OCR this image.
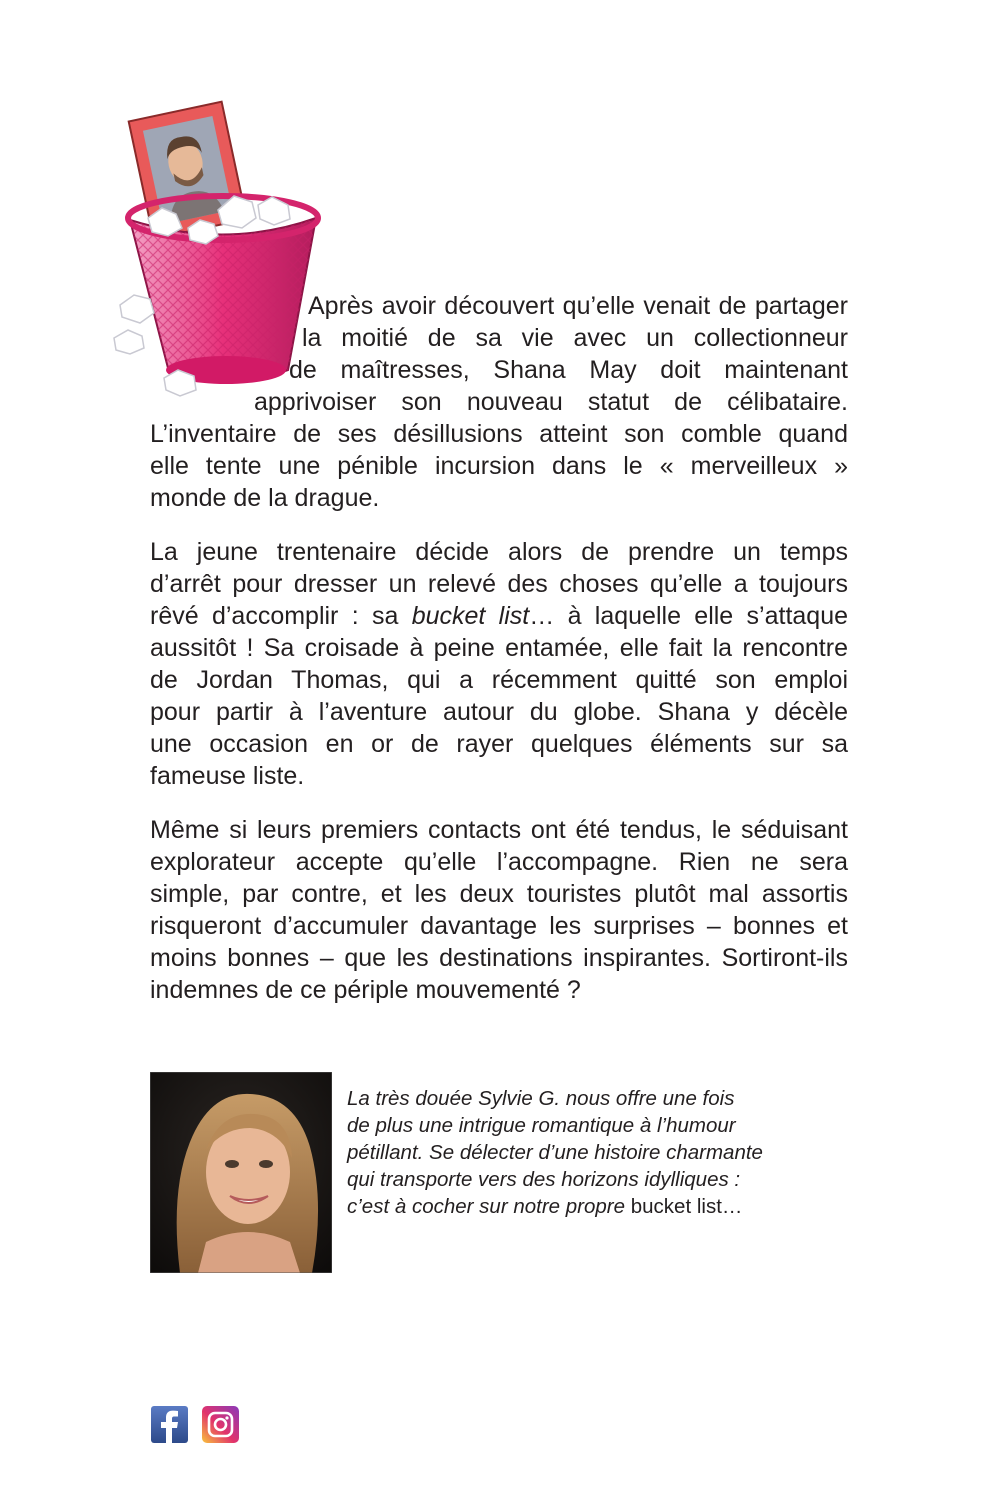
Après avoir découvert qu’elle venait de partager

la moitié de sa vie avec un collectionneur

de maîtresses, Shana May doit maintenant

apprivoiser son nouveau statut de célibataire.

L’inventaire de ses désillusions atteint son comble quand

elle tente une pénible incursion dans le « merveilleux »

monde de la drague.

La jeune trentenaire décide alors de prendre un temps

d’arrêt pour dresser un relevé des choses qu’elle a toujours

rêvé d’accomplir : sa bucket list… à laquelle elle s’attaque

aussitôt ! Sa croisade à peine entamée, elle fait la rencontre

de Jordan Thomas, qui a récemment quitté son emploi

pour partir à l’aventure autour du globe. Shana y décèle

une occasion en or de rayer quelques éléments sur sa

fameuse liste.

Même si leurs premiers contacts ont été tendus, le séduisant

explorateur accepte qu’elle l’accompagne. Rien ne sera

simple, par contre, et les deux touristes plutôt mal assortis

risqueront d’accumuler davantage les surprises – bonnes et

moins bonnes – que les destinations inspirantes. Sortiront-ils

indemnes de ce périple mouvementé ?

La très douée Sylvie G. nous offre une fois
de plus une intrigue romantique à l’humour
pétillant. Se délecter d’une histoire charmante
qui transporte vers des horizons idylliques :
c’est à cocher sur notre propre bucket list…
